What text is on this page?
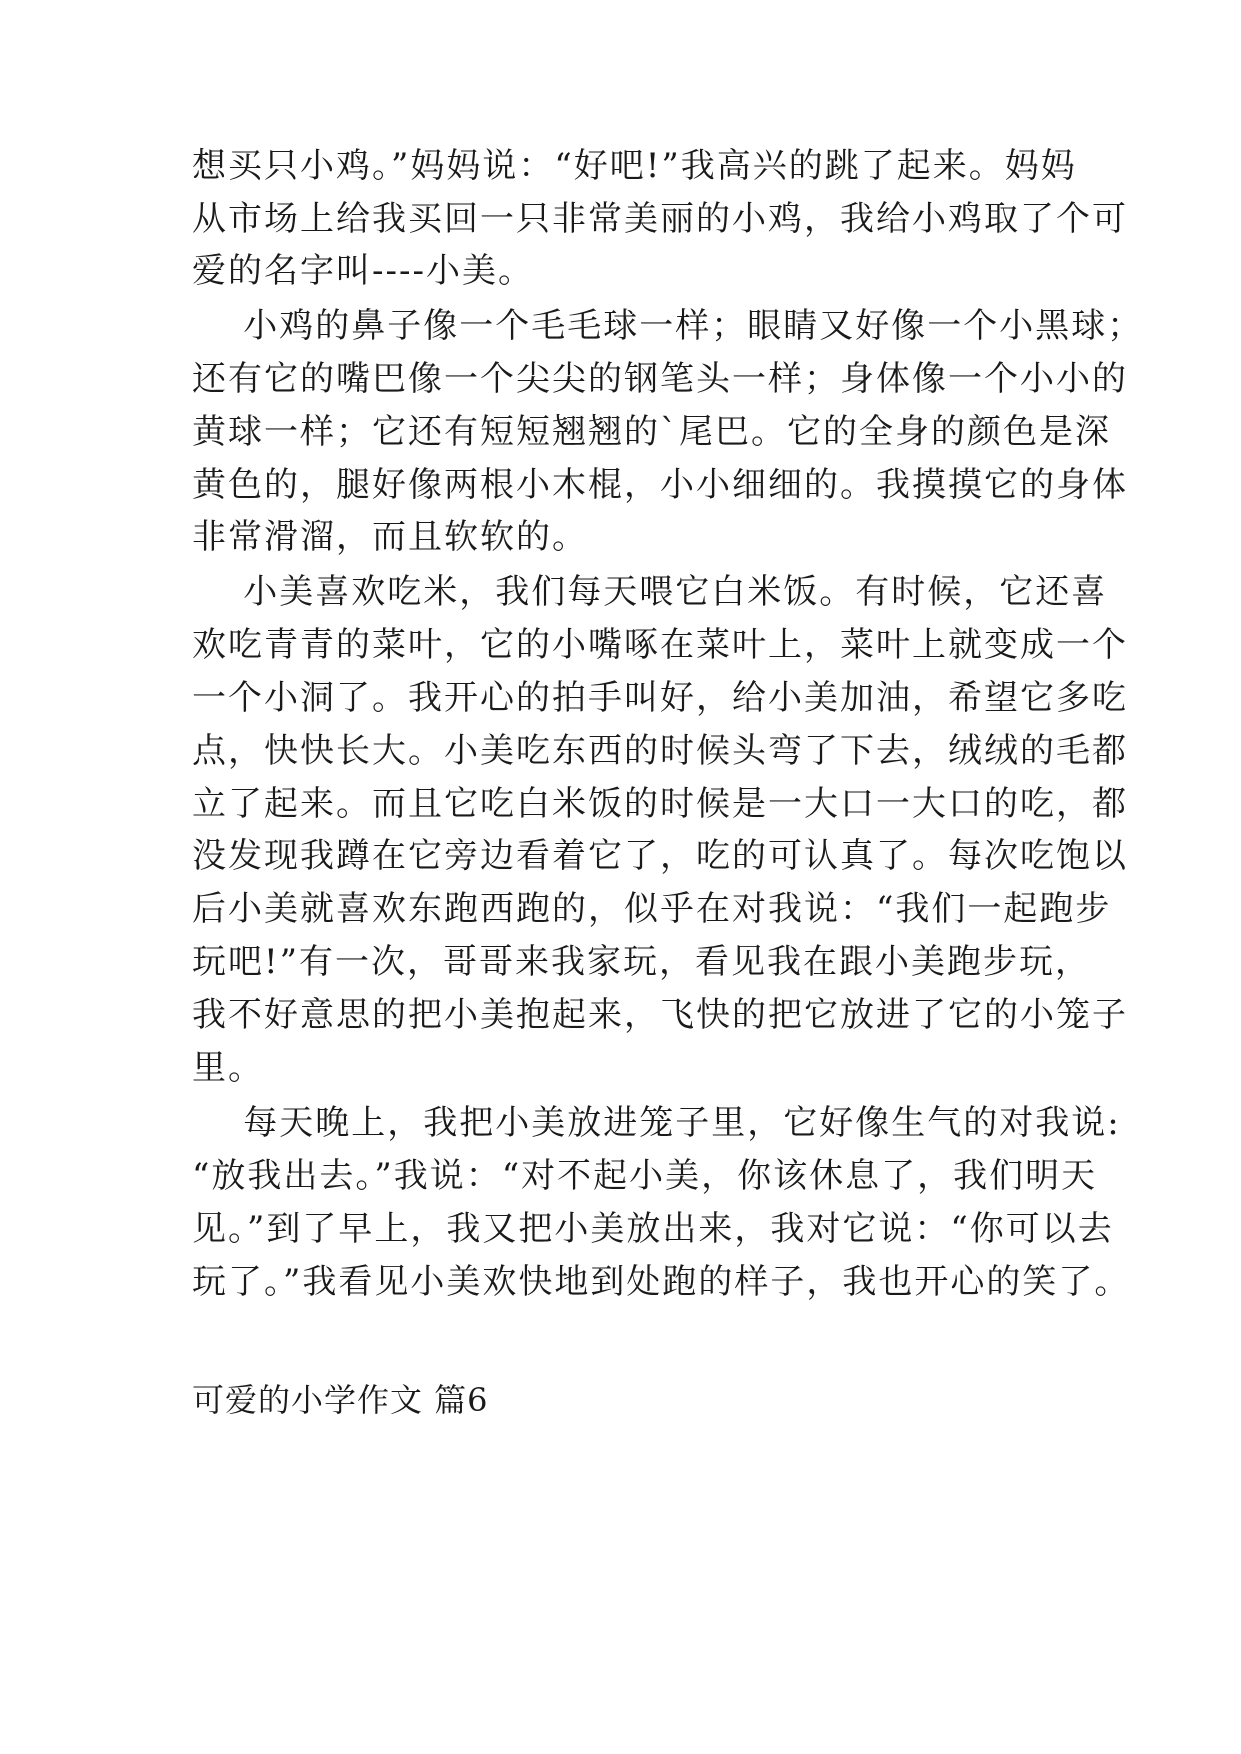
想买只小鸡。”妈妈说：“好吧!”我高兴的跳了起来。妈妈
从市场上给我买回一只非常美丽的小鸡，我给小鸡取了个可
爱的名字叫----小美。
小鸡的鼻子像一个毛毛球一样；眼睛又好像一个小黑球；
还有它的嘴巴像一个尖尖的钢笔头一样；身体像一个小小的
黄球一样；它还有短短翘翘的`尾巴。它的全身的颜色是深
黄色的，腿好像两根小木棍，小小细细的。我摸摸它的身体
非常滑溜，而且软软的。
小美喜欢吃米，我们每天喂它白米饭。有时候，它还喜
欢吃青青的菜叶，它的小嘴啄在菜叶上，菜叶上就变成一个
一个小洞了。我开心的拍手叫好，给小美加油，希望它多吃
点，快快长大。小美吃东西的时候头弯了下去，绒绒的毛都
立了起来。而且它吃白米饭的时候是一大口一大口的吃，都
没发现我蹲在它旁边看着它了，吃的可认真了。每次吃饱以
后小美就喜欢东跑西跑的，似乎在对我说：“我们一起跑步
玩吧!”有一次，哥哥来我家玩，看见我在跟小美跑步玩，
我不好意思的把小美抱起来，飞快的把它放进了它的小笼子
里。
每天晚上，我把小美放进笼子里，它好像生气的对我说:
“放我出去。”我说：“对不起小美，你该休息了，我们明天
见。”到了早上，我又把小美放出来，我对它说：“你可以去
玩了。”我看见小美欢快地到处跑的样子，我也开心的笑了。
可爱的小学作文 篇6
